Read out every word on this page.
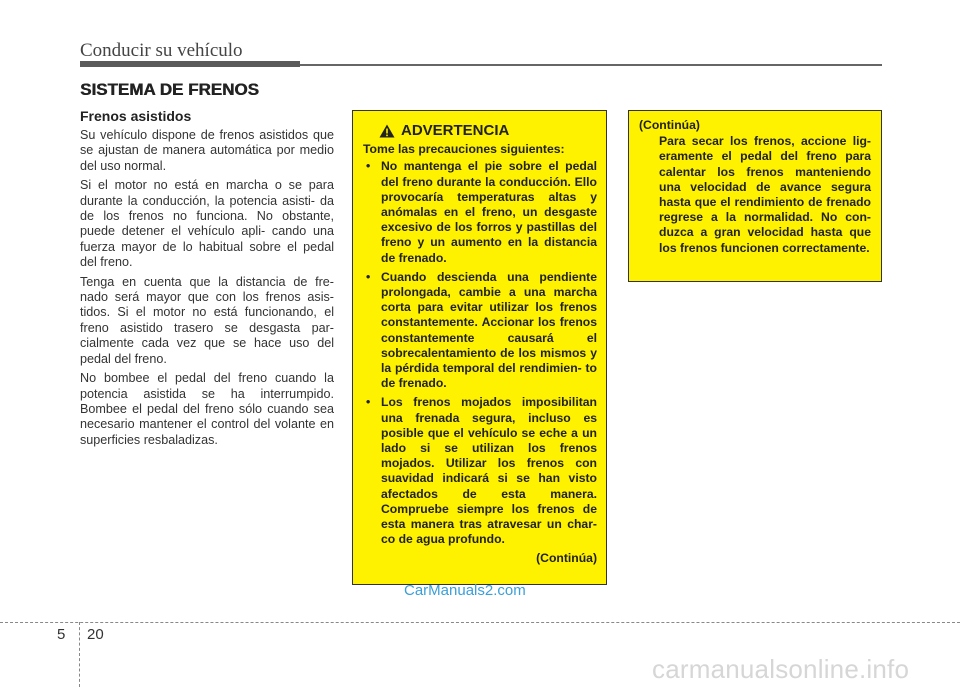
Conducir su vehículo
SISTEMA DE FRENOS
Frenos asistidos

Su vehículo dispone de frenos asistidos que se ajustan de manera automática por medio del uso normal.

Si el motor no está en marcha o se para durante la conducción, la potencia asisti- da de los frenos no funciona. No obstante, puede detener el vehículo apli- cando una fuerza mayor de lo habitual sobre el pedal del freno.

Tenga en cuenta que la distancia de fre- nado será mayor que con los frenos asis- tidos. Si el motor no está funcionando, el freno asistido trasero se desgasta par- cialmente cada vez que se hace uso del pedal del freno.

No bombee el pedal del freno cuando la potencia asistida se ha interrumpido. Bombee el pedal del freno sólo cuando sea necesario mantener el control del volante en superficies resbaladizas.

ADVERTENCIA
Tome las precauciones siguientes:
• No mantenga el pie sobre el pedal del freno durante la conducción. Ello provocaría temperaturas altas y anómalas en el freno, un desgaste excesivo de los forros y pastillas del freno y un aumento en la distancia de frenado.
• Cuando descienda una pendiente prolongada, cambie a una marcha corta para evitar utilizar los frenos constantemente. Accionar los frenos constantemente causará el sobrecalentamiento de los mismos y la pérdida temporal del rendimien- to de frenado.
• Los frenos mojados imposibilitan una frenada segura, incluso es posible que el vehículo se eche a un lado si se utilizan los frenos mojados. Utilizar los frenos con suavidad indicará si se han visto afectados de esta manera. Compruebe siempre los frenos de esta manera tras atravesar un char- co de agua profundo.
(Continúa)
(Continúa)
Para secar los frenos, accione lig- eramente el pedal del freno para calentar los frenos manteniendo una velocidad de avance segura hasta que el rendimiento de frenado regrese a la normalidad. No con- duzca a gran velocidad hasta que los frenos funcionen correctamente.
CarManuals2.com
5 20
carmanualsonline.info
